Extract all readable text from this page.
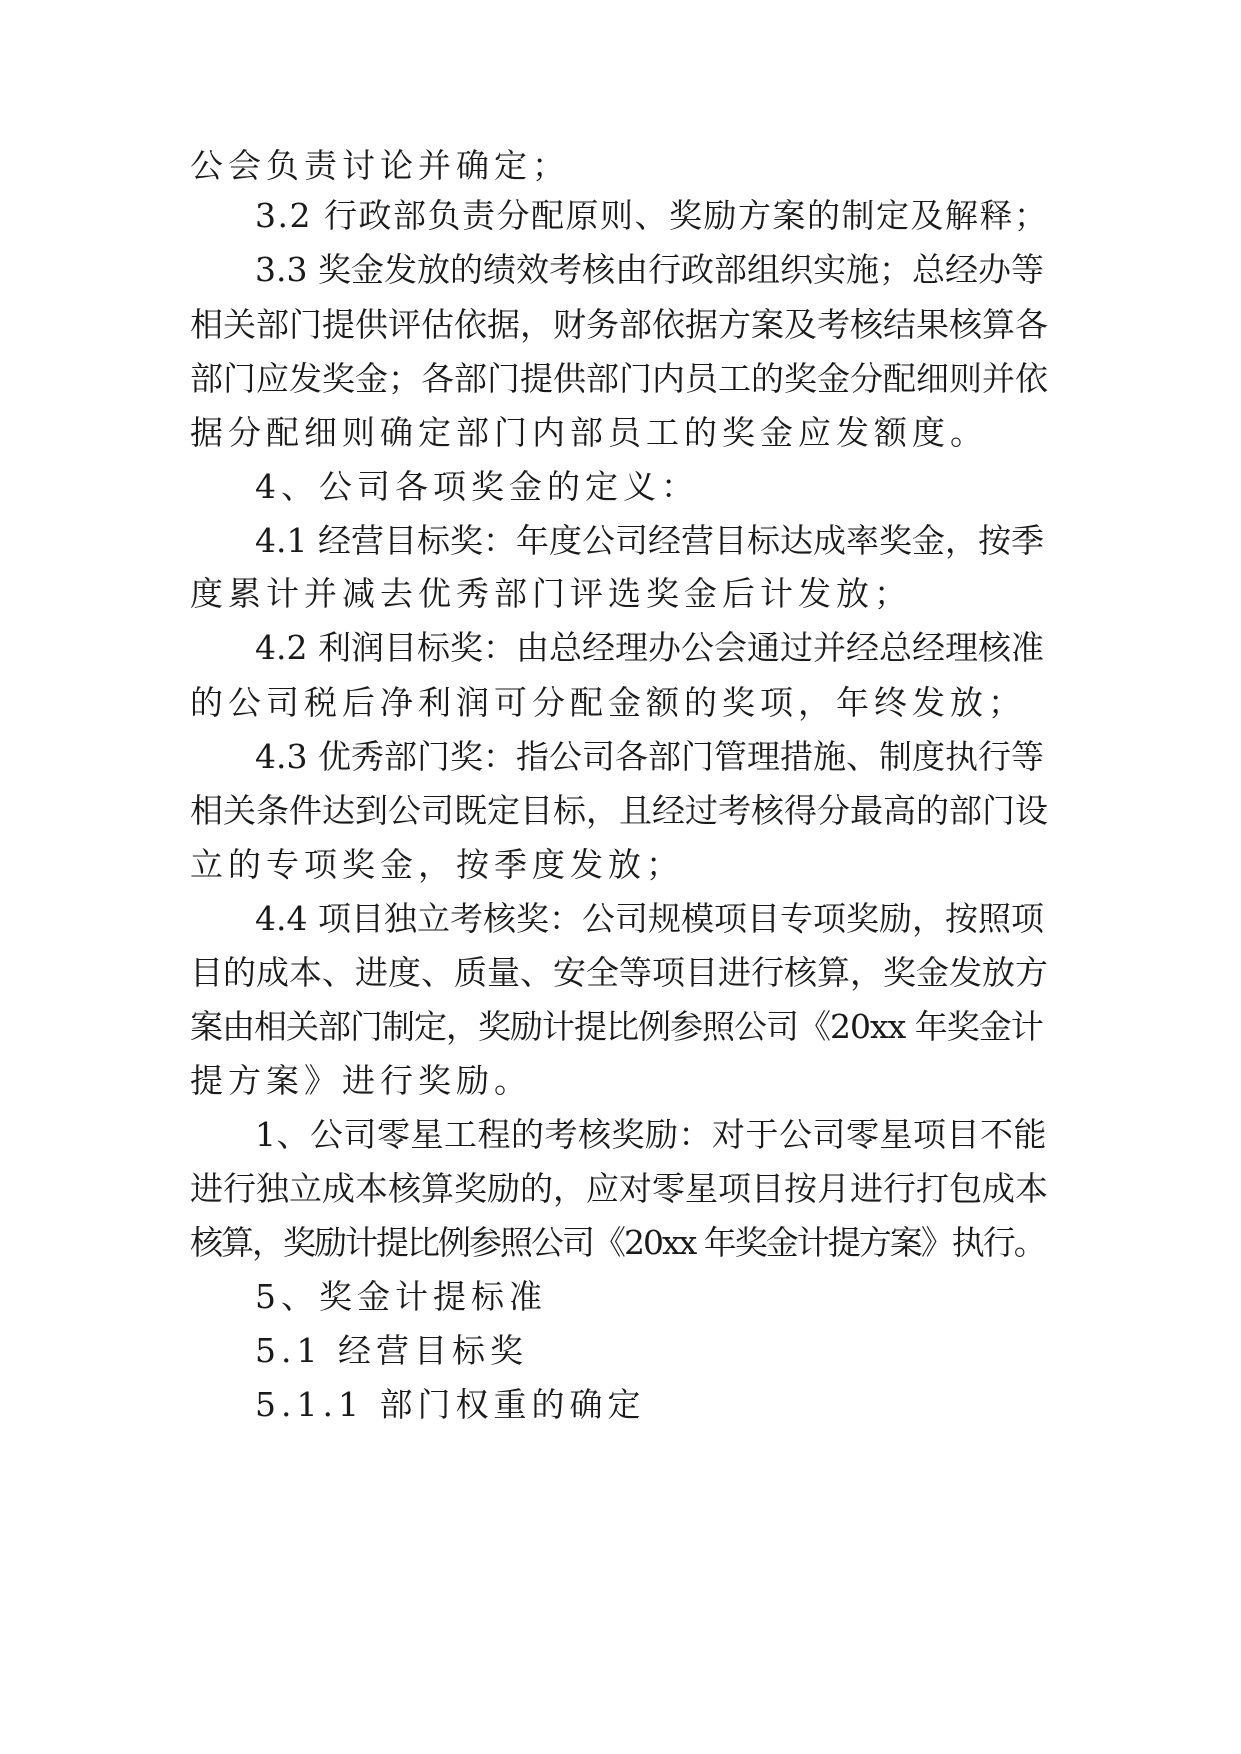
公会负责讨论并确定；
3.2 行政部负责分配原则、奖励方案的制定及解释；
3.3 奖金发放的绩效考核由行政部组织实施；总经办等
相关部门提供评估依据，财务部依据方案及考核结果核算各
部门应发奖金；各部门提供部门内员工的奖金分配细则并依
据分配细则确定部门内部员工的奖金应发额度。
4、公司各项奖金的定义：
4.1 经营目标奖：年度公司经营目标达成率奖金，按季
度累计并减去优秀部门评选奖金后计发放；
4.2 利润目标奖：由总经理办公会通过并经总经理核准
的公司税后净利润可分配金额的奖项，年终发放；
4.3 优秀部门奖：指公司各部门管理措施、制度执行等
相关条件达到公司既定目标，且经过考核得分最高的部门设
立的专项奖金，按季度发放；
4.4 项目独立考核奖：公司规模项目专项奖励，按照项
目的成本、进度、质量、安全等项目进行核算，奖金发放方
案由相关部门制定，奖励计提比例参照公司《20xx 年奖金计
提方案》进行奖励。
1、公司零星工程的考核奖励：对于公司零星项目不能
进行独立成本核算奖励的，应对零星项目按月进行打包成本
核算，奖励计提比例参照公司《20xx 年奖金计提方案》执行。
5、奖金计提标准
5.1 经营目标奖
5.1.1 部门权重的确定
